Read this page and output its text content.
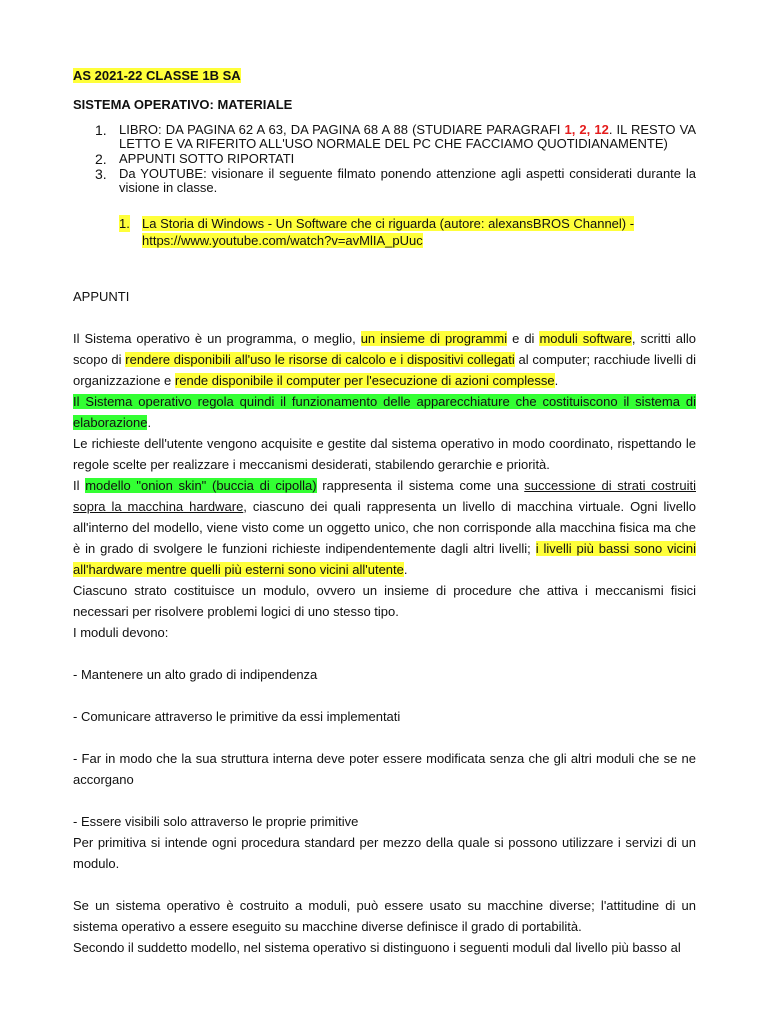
AS 2021-22 CLASSE 1B SA

SISTEMA OPERATIVO: MATERIALE

1. LIBRO: DA PAGINA 62 A 63, DA PAGINA 68 A 88 (STUDIARE PARAGRAFI 1, 2, 12. IL RESTO VA LETTO E VA RIFERITO ALL'USO NORMALE DEL PC CHE FACCIAMO QUOTIDIANAMENTE)
2. APPUNTI SOTTO RIPORTATI
3. Da YOUTUBE: visionare il seguente filmato ponendo attenzione agli aspetti considerati durante la visione in classe.
1. La Storia di Windows - Un Software che ci riguarda (autore: alexansBROS Channel) -
https://www.youtube.com/watch?v=avMlIA_pUuc

APPUNTI

Il Sistema operativo è un programma, o meglio, un insieme di programmi e di moduli software, scritti allo scopo di rendere disponibili all'uso le risorse di calcolo e i dispositivi collegati al computer; racchiude livelli di organizzazione e rende disponibile il computer per l'esecuzione di azioni complesse.

Il Sistema operativo regola quindi il funzionamento delle apparecchiature che costituiscono il sistema di elaborazione.

Le richieste dell'utente vengono acquisite e gestite dal sistema operativo in modo coordinato, rispettando le regole scelte per realizzare i meccanismi desiderati, stabilendo gerarchie e priorità.

Il modello "onion skin" (buccia di cipolla) rappresenta il sistema come una successione di strati costruiti sopra la macchina hardware, ciascuno dei quali rappresenta un livello di macchina virtuale. Ogni livello all'interno del modello, viene visto come un oggetto unico, che non corrisponde alla macchina fisica ma che è in grado di svolgere le funzioni richieste indipendentemente dagli altri livelli; i livelli più bassi sono vicini all'hardware mentre quelli più esterni sono vicini all'utente.

Ciascuno strato costituisce un modulo, ovvero un insieme di procedure che attiva i meccanismi fisici necessari per risolvere problemi logici di uno stesso tipo.

I moduli devono:

- Mantenere un alto grado di indipendenza

- Comunicare attraverso le primitive da essi implementati

- Far in modo che la sua struttura interna deve poter essere modificata senza che gli altri moduli che se ne accorgano

- Essere visibili solo attraverso le proprie primitive

Per primitiva si intende ogni procedura standard per mezzo della quale si possono utilizzare i servizi di un modulo.

Se un sistema operativo è costruito a moduli, può essere usato su macchine diverse; l'attitudine di un sistema operativo a essere eseguito su macchine diverse definisce il grado di portabilità.

Secondo il suddetto modello, nel sistema operativo si distinguono i seguenti moduli dal livello più basso al
